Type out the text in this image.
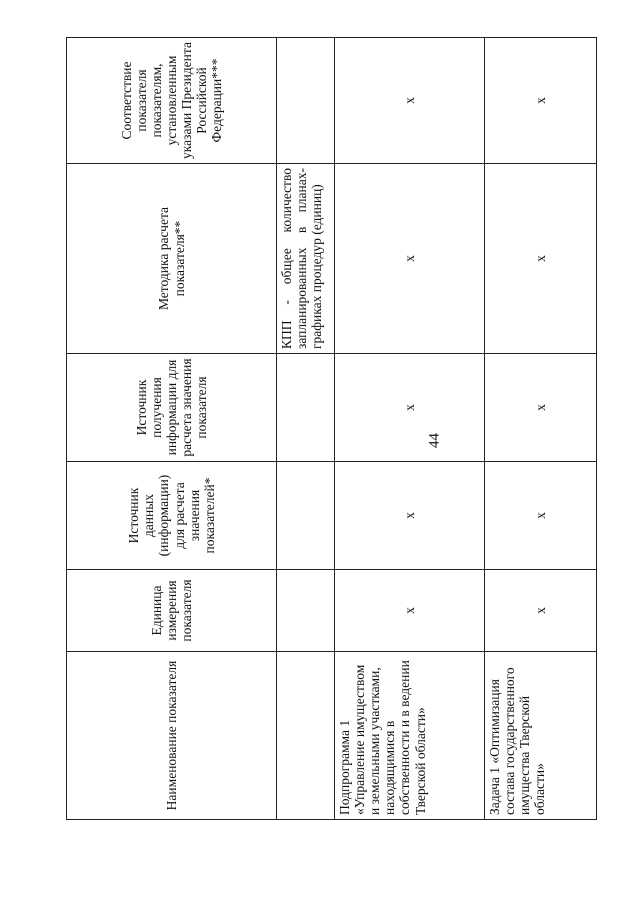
44
Наименование показателя	Единица измерения показателя	Источник данных (информации) для расчета значения показателей*	Источник получения информации для расчета значения показателя	Методика расчета показателя**	Соответствие показателя показателям, установленным указами Президента Российской Федерации***
				КПП - общее количество запланированных в планах-графиках процедур (единиц)	
Подпрограмма 1 «Управление имуществом и земельными участками, находящимися в собственности и в ведении Тверской области»	х	х	х	х	х
Задача 1 «Оптимизация состава государственного имущества Тверской области»	х	х	х	х	х
